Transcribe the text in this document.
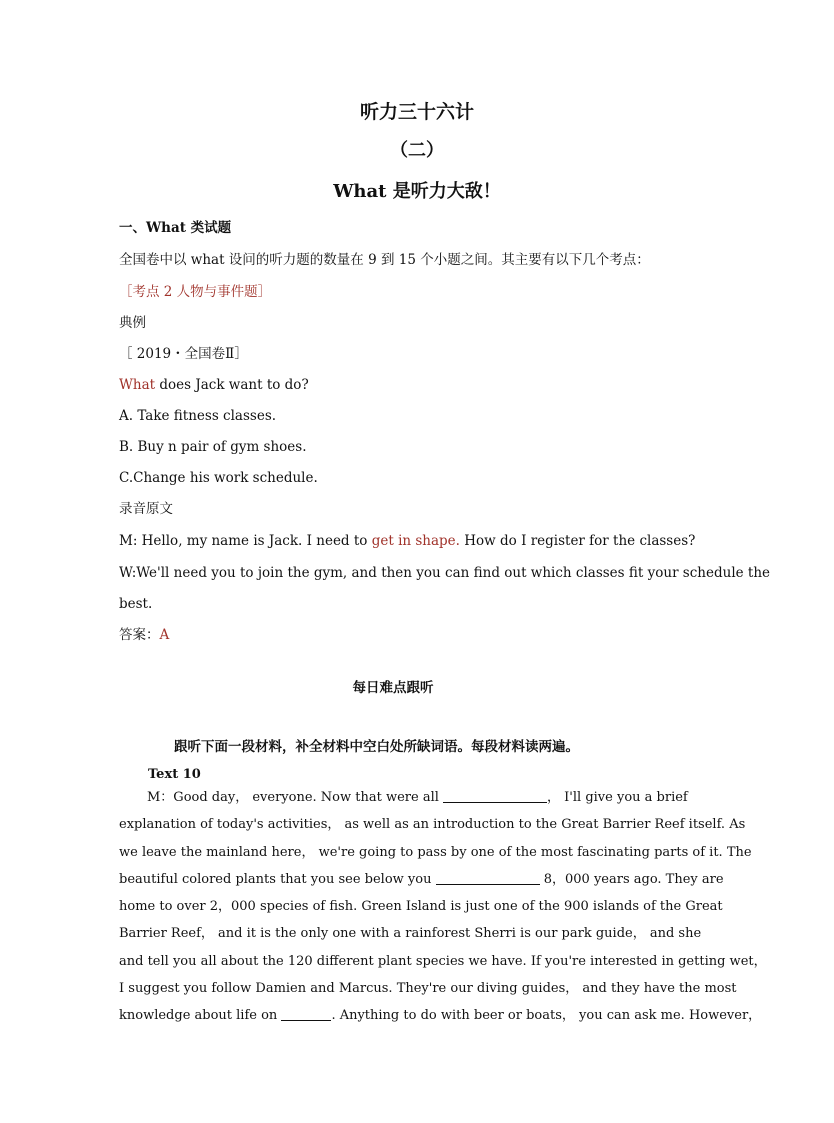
听力三十六计
（二）
What 是听力大敌！
一、What 类试题
全国卷中以 what 设问的听力题的数量在 9 到 15 个小题之间。其主要有以下几个考点：
［考点 2 人物与事件题］
典例
［ 2019・全国卷Ⅱ］
What does Jack want to do?
A. Take fitness classes.
B. Buy n pair of gym shoes.
C.Change his work schedule.
录音原文
M: Hello, my name is Jack. I need to get in shape. How do I register for the classes?
W:We'll need you to join the gym, and then you can find out which classes fit your schedule the
best.
答案：A
每日难点跟听
跟听下面一段材料，补全材料中空白处所缺词语。每段材料读两遍。
Text 10
M：Good day， everyone. Now that were all	， I'll give you a brief
explanation of today's activities， as well as an introduction to the Great Barrier Reef itself. As
we leave the mainland here， we're going to pass by one of the most fascinating parts of it. The
beautiful colored plants that you see below you	8，000 years ago. They are
home to over 2，000 species of fish. Green Island is just one of the 900 islands of the Great
Barrier Reef， and it is the only one with a rainforest Sherri is our park guide， and she
and tell you all about the 120 different plant species we have. If you're interested in getting wet，
I suggest you follow Damien and Marcus. They're our diving guides， and they have the most
knowledge about life on	. Anything to do with beer or boats， you can ask me. However，
